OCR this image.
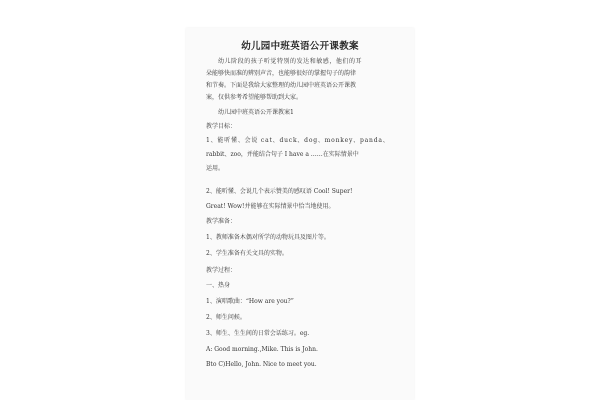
幼儿园中班英语公开课教案
幼儿阶段的孩子听觉特别的发达和敏感，他们的耳
朵能够快而准的辨别声音，也能够很好的掌握句子的韵律
和节奏。下面是我给大家整理的幼儿园中班英语公开课教
案，仅供参考希望能够帮助到大家。
幼儿园中班英语公开课教案1
教学目标：
1、能听懂、会说 cat、duck、dog、monkey、panda、
rabbit、zoo，并能结合句子 I have a ……在实际情景中
运用。
2、能听懂、会说几个表示赞美的感叹语 Cool! Super!
Great! Wow!并能够在实际情景中恰当地使用。
教学准备：
1、教师准备木偶对所学的动物玩具及图片等。
2、学生准备有关文具的实物。
教学过程：
一、热身
1、演唱歌曲：“How are you?”
2、师生问候。
3、师生、生生间的日常会话练习。eg.
A: Good morning.,Mike. This is John.
Bto C)Hello, John. Nice to meet you.
